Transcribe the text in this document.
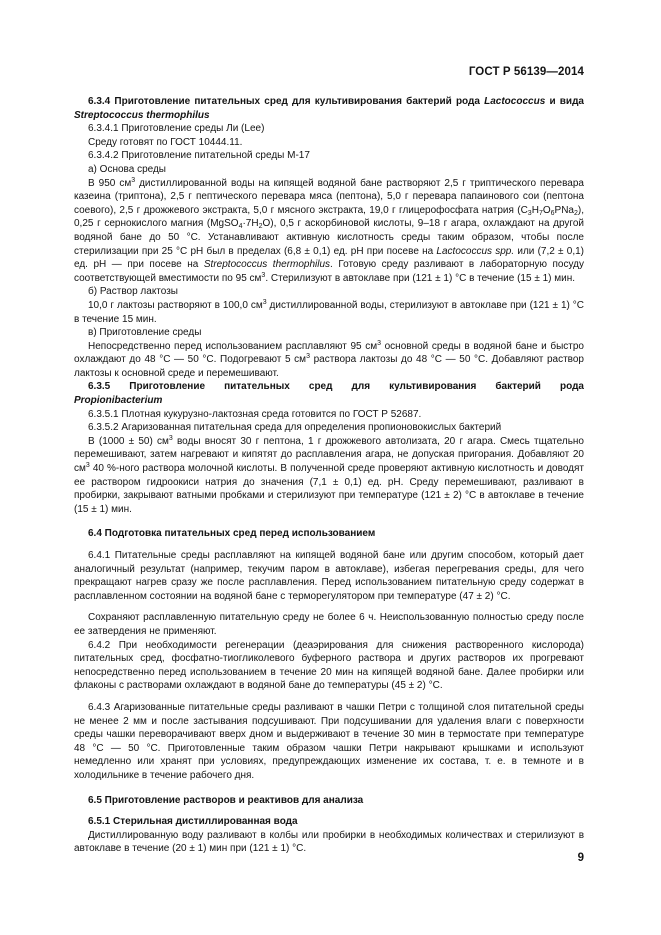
ГОСТ Р 56139—2014

6.3.4 Приготовление питательных сред для культивирования бактерий рода Lactococcus и вида Streptococcus thermophilus

6.3.4.1 Приготовление среды Ли (Lee)

Среду готовят по ГОСТ 10444.11.

6.3.4.2 Приготовление питательной среды М-17

а) Основа среды

В 950 $см^3$ дистиллированной воды на кипящей водяной бане растворяют 2,5 г триптического перевара казеина (триптона), 2,5 г пептического перевара мяса (пептона), 5,0 г перевара папаинового сои (пептона соевого), 2,5 г дрожжевого экстракта, 5,0 г мясного экстракта, 19,0 г глицерофосфата натрия $(C_3H_7O_6PNa_2)$, 0,25 г сернокислого магния $(MgSO_4\cdot 7H_2O)$, 0,5 г аскорбиновой кислоты, 9–18 г агара, охлаждают на другой водяной бане до 50 °С. Устанавливают активную кислотность среды таким образом, чтобы после стерилизации при 25 °С pH был в пределах (6,8 ± 0,1) ед. pH при посеве на Lactococcus spp. или (7,2 ± 0,1) ед. pH — при посеве на Streptococcus thermophilus. Готовую среду разливают в лабораторную посуду соответствующей вместимости по 95 $см^3$. Стерилизуют в автоклаве при (121 ± 1) °С в течение (15 ± 1) мин.

б) Раствор лактозы

10,0 г лактозы растворяют в 100,0 $см^3$ дистиллированной воды, стерилизуют в автоклаве при (121 ± 1) °С в течение 15 мин.

в) Приготовление среды

Непосредственно перед использованием расплавляют 95 $см^3$ основной среды в водяной бане и быстро охлаждают до 48 °С — 50 °С. Подогревают 5 $см^3$ раствора лактозы до 48 °С — 50 °С. Добавляют раствор лактозы к основной среде и перемешивают.

6.3.5 Приготовление питательных сред для культивирования бактерий рода

Propionibacterium

6.3.5.1 Плотная кукурузно-лактозная среда готовится по ГОСТ Р 52687.

6.3.5.2 Агаризованная питательная среда для определения пропионовокислых бактерий

В (1000 ± 50) $см^3$ воды вносят 30 г пептона, 1 г дрожжевого автолизата, 20 г агара. Смесь тщательно перемешивают, затем нагревают и кипятят до расплавления агара, не допуская пригорания. Добавляют 20 $см^3$ 40 %-ного раствора молочной кислоты. В полученной среде проверяют активную кислотность и доводят ее раствором гидроокиси натрия до значения (7,1 ± 0,1) ед. pH. Среду перемешивают, разливают в пробирки, закрывают ватными пробками и стерилизуют при температуре (121 ± 2) °С в автоклаве в течение (15 ± 1) мин.

6.4 Подготовка питательных сред перед использованием

6.4.1 Питательные среды расплавляют на кипящей водяной бане или другим способом, который дает аналогичный результат (например, текучим паром в автоклаве), избегая перегревания среды, для чего прекращают нагрев сразу же после расплавления. Перед использованием питательную среду содержат в расплавленном состоянии на водяной бане с терморегулятором при температуре (47 ± 2) °С.

Сохраняют расплавленную питательную среду не более 6 ч. Неиспользованную полностью среду после ее затвердения не применяют.

6.4.2 При необходимости регенерации (деаэрирования для снижения растворенного кислорода) питательных сред, фосфатно-тиогликолевого буферного раствора и других растворов их прогревают непосредственно перед использованием в течение 20 мин на кипящей водяной бане. Далее пробирки или флаконы с растворами охлаждают в водяной бане до температуры (45 ± 2) °С.

6.4.3 Агаризованные питательные среды разливают в чашки Петри с толщиной слоя питательной среды не менее 2 мм и после застывания подсушивают. При подсушивании для удаления влаги с поверхности среды чашки переворачивают вверх дном и выдерживают в течение 30 мин в термостате при температуре 48 °С — 50 °С. Приготовленные таким образом чашки Петри накрывают крышками и используют немедленно или хранят при условиях, предупреждающих изменение их состава, т. е. в темноте и в холодильнике в течение рабочего дня.

6.5 Приготовление растворов и реактивов для анализа

6.5.1 Стерильная дистиллированная вода

Дистиллированную воду разливают в колбы или пробирки в необходимых количествах и стерилизуют в автоклаве в течение (20 ± 1) мин при (121 ± 1) °С.

9
